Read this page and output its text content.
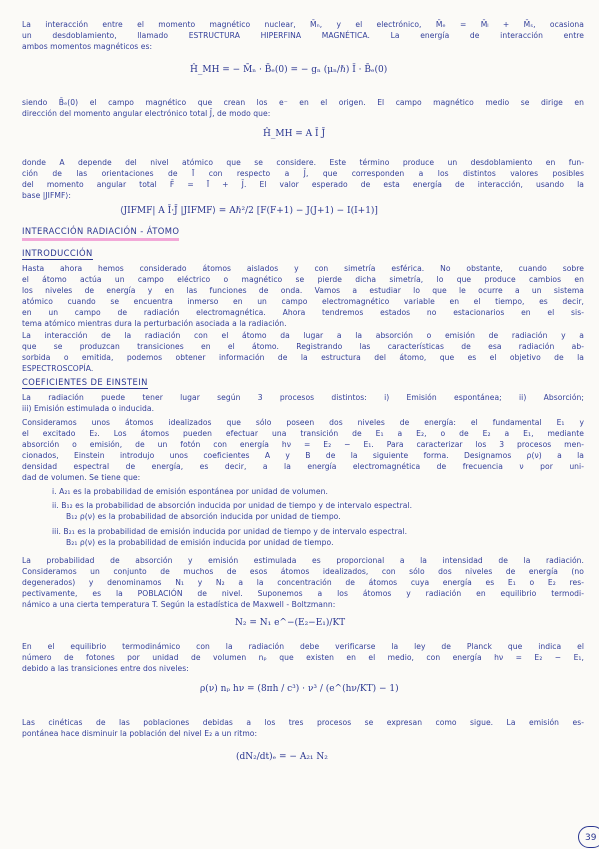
La interacción entre el momento magnético nuclear, M̄ₙ, y el electrónico, M̄ₑ = M̄ₗ + M̄ₛ, ocasiona
un desdoblamiento, llamado ESTRUCTURA HIPERFINA MAGNÉTICA. La energía de interacción entre
ambos momentos magnéticos es:
Ĥ_MH = − M̄ₙ · B̄ₑ(0) = − gₙ (μₙ/ℏ) Ī · B̄ₑ(0)
siendo B̄ₑ(0) el campo magnético que crean los e⁻ en el origen. El campo magnético medio se dirige en
dirección del momento angular electrónico total J̄, de modo que:
Ĥ_MH = A Ī J̄
donde A depende del nivel atómico que se considere. Este término produce un desdoblamiento en fun-
ción de las orientaciones de Ī con respecto a J̄, que corresponden a los distintos valores posibles
del momento angular total F̄ = Ī + J̄. El valor esperado de esta energía de interacción, usando la
base |JIFMF⟩:
⟨JIFMF| A Ī·J̄ |JIFMF⟩ = Aℏ²/2 [F(F+1) − J(J+1) − I(I+1)]
INTERACCIÓN RADIACIÓN - ÁTOMO
INTRODUCCIÓN
Hasta ahora hemos considerado átomos aislados y con simetría esférica. No obstante, cuando sobre
el átomo actúa un campo eléctrico o magnético se pierde dicha simetría, lo que produce cambios en
los niveles de energía y en las funciones de onda. Vamos a estudiar lo que le ocurre a un sistema
atómico cuando se encuentra inmerso en un campo electromagnético variable en el tiempo, es decir,
en un campo de radiación electromagnética. Ahora tendremos estados no estacionarios en el sis-
tema atómico mientras dura la perturbación asociada a la radiación.
La interacción de la radiación con el átomo da lugar a la absorción o emisión de radiación y a
que se produzcan transiciones en el átomo. Registrando las características de esa radiación ab-
sorbida o emitida, podemos obtener información de la estructura del átomo, que es el objetivo de la
ESPECTROSCOPÍA.
COEFICIENTES DE EINSTEIN
La radiación puede tener lugar según 3 procesos distintos: i) Emisión espontánea; ii) Absorción;
iii) Emisión estimulada o inducida.
Consideramos unos átomos idealizados que sólo poseen dos niveles de energía: el fundamental E₁ y
el excitado E₂. Los átomos pueden efectuar una transición de E₁ a E₂, o de E₂ a E₁, mediante
absorción o emisión, de un fotón con energía hν = E₂ − E₁. Para caracterizar los 3 procesos men-
cionados, Einstein introdujo unos coeficientes A y B de la siguiente forma. Designamos ρ(ν) a la
densidad espectral de energía, es decir, a la energía electromagnética de frecuencia ν por uni-
dad de volumen. Se tiene que:
i. A₂₁ es la probabilidad de emisión espontánea por unidad de volumen.
ii. B₁₂ es la probabilidad de absorción inducida por unidad de tiempo y de intervalo espectral.
B₁₂ ρ(ν) es la probabilidad de absorción inducida por unidad de tiempo.
iii. B₂₁ es la probabilidad de emisión inducida por unidad de tiempo y de intervalo espectral.
B₂₁ ρ(ν) es la probabilidad de emisión inducida por unidad de tiempo.
La probabilidad de absorción y emisión estimulada es proporcional a la intensidad de la radiación.
Consideramos un conjunto de muchos de esos átomos idealizados, con sólo dos niveles de energía (no
degenerados) y denominamos N₁ y N₂ a la concentración de átomos cuya energía es E₁ o E₂ res-
pectivamente, es la POBLACIÓN de nivel. Suponemos a los átomos y radiación en equilibrio termodi-
námico a una cierta temperatura T. Según la estadística de Maxwell - Boltzmann:
N₂ = N₁ e^−(E₂−E₁)/KT
En el equilibrio termodinámico con la radiación debe verificarse la ley de Planck que indica el
número de fotones por unidad de volumen nₚ que existen en el medio, con energía hν = E₂ − E₁,
debido a las transiciones entre dos niveles:
ρ(ν) nₚ hν = (8πh / c³) · ν³ / (e^(hν/KT) − 1)
Las cinéticas de las poblaciones debidas a los tres procesos se expresan como sigue. La emisión es-
pontánea hace disminuir la población del nivel E₂ a un ritmo:
(dN₂/dt)ₑ = − A₂₁ N₂
39
